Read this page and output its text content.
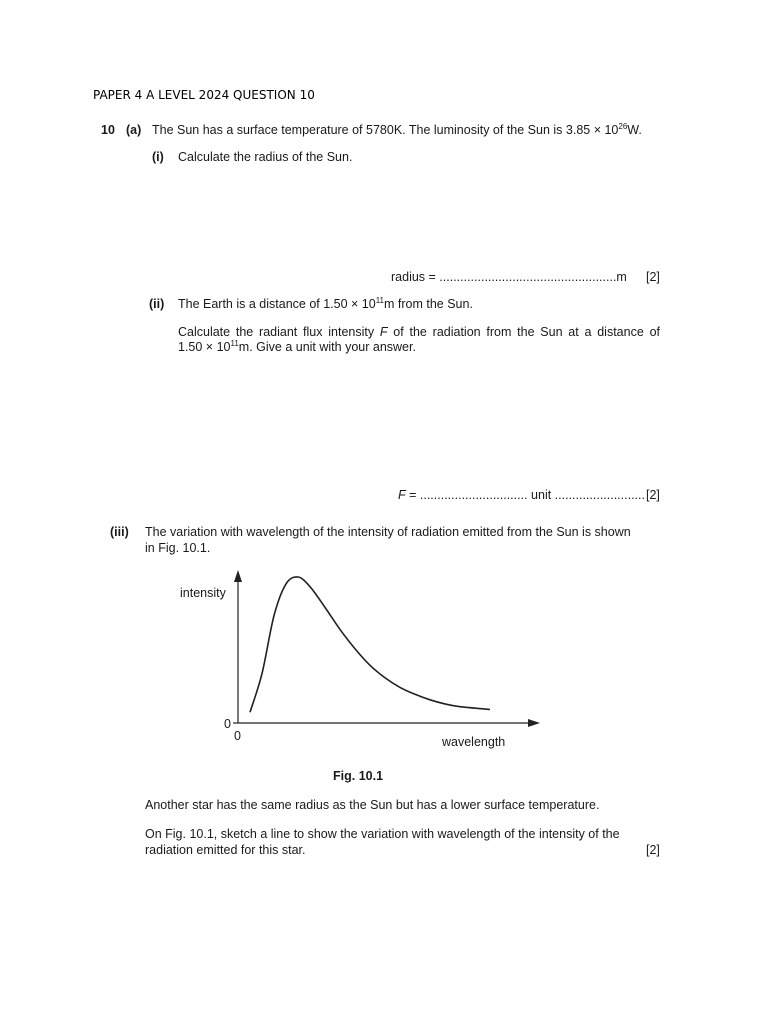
PAPER 4 A LEVEL 2024 QUESTION 10
10 (a) The Sun has a surface temperature of 5780K. The luminosity of the Sun is $3.85 \times 10^{26}W$.
(i) Calculate the radius of the Sun.
radius = ...................................................m [2]
(ii) The Earth is a distance of $1.50 \times 10^{11}m$ from the Sun.
Calculate the radiant flux intensity F of the radiation from the Sun at a distance of
$1.50 \times 10^{11}m$. Give a unit with your answer.
F = ............................... unit .......................... [2]
(iii) The variation with wavelength of the intensity of radiation emitted from the Sun is shown
in Fig. 10.1.
intensity
wavelength
0
0
Fig. 10.1
Another star has the same radius as the Sun but has a lower surface temperature.
On Fig. 10.1, sketch a line to show the variation with wavelength of the intensity of the
radiation emitted for this star.	[2]
